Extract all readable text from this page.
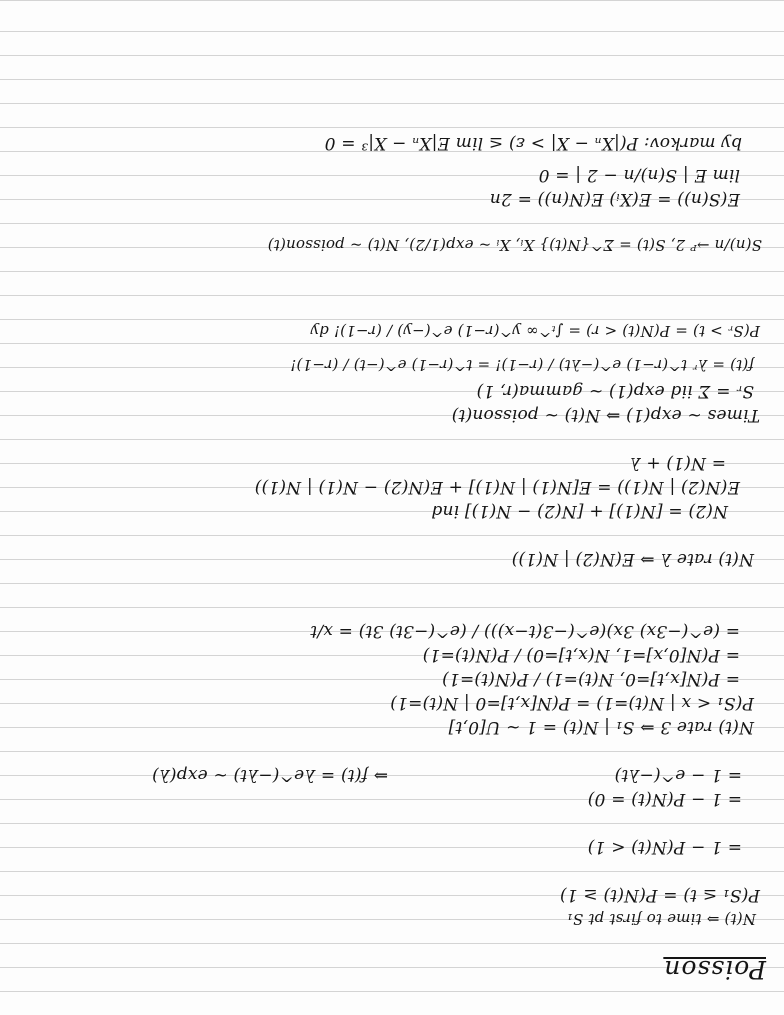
Poisson
N(t) ⇒ time to first pt S₁
P(S₁ ≤ t) = P(N(t) ≥ 1)
= 1 − P(N(t) < 1)
= 1 − P(N(t) = 0)
= 1 − e^(−λt)
⇒ f(t) = λe^(−λt) ~ exp(λ)
N(t) rate 3 ⇒ S₁ | N(t) = 1 ~ U[0,t]
P(S₁ < x | N(t)=1) = P(N[x,t]=0 | N(t)=1)
= P(N[x,t]=0, N(t)=1) / P(N(t)=1)
= P(N[0,x]=1, N(x,t]=0) / P(N(t)=1)
= (e^(−3x) 3x)(e^(−3(t−x))) / (e^(−3t) 3t) = x/t
N(t) rate λ ⇒ E(N(2) | N(1))
N(2) = [N(1)] + [N(2) − N(1)] ind
E(N(2) | N(1)) = E[N(1) | N(1)] + E(N(2) − N(1) | N(1))
= N(1) + λ
Times ~ exp(1) ⇒ N(t) ~ poisson(t)
Sᵣ = Σ iid exp(1) ~ gamma(r, 1)
f(t) = λʳ t^(r−1) e^(−λt) / (r−1)! = t^(r−1) e^(−t) / (r−1)!
P(Sᵣ > t) = P(N(t) < r) = ∫ₜ^∞ y^(r−1) e^(−y) / (r−1)! dy
S(n)/n →ᴾ 2, S(t) = Σ^{N(t)} Xᵢ, Xᵢ ~ exp(1/2), N(t) ~ poisson(t)
E(S(n)) = E(Xᵢ) E(N(n)) = 2n
lim E | S(n)/n − 2 | = 0
by markov: P(|Xₙ − X| > ε) ≤ lim E|Xₙ − X|³ = 0
